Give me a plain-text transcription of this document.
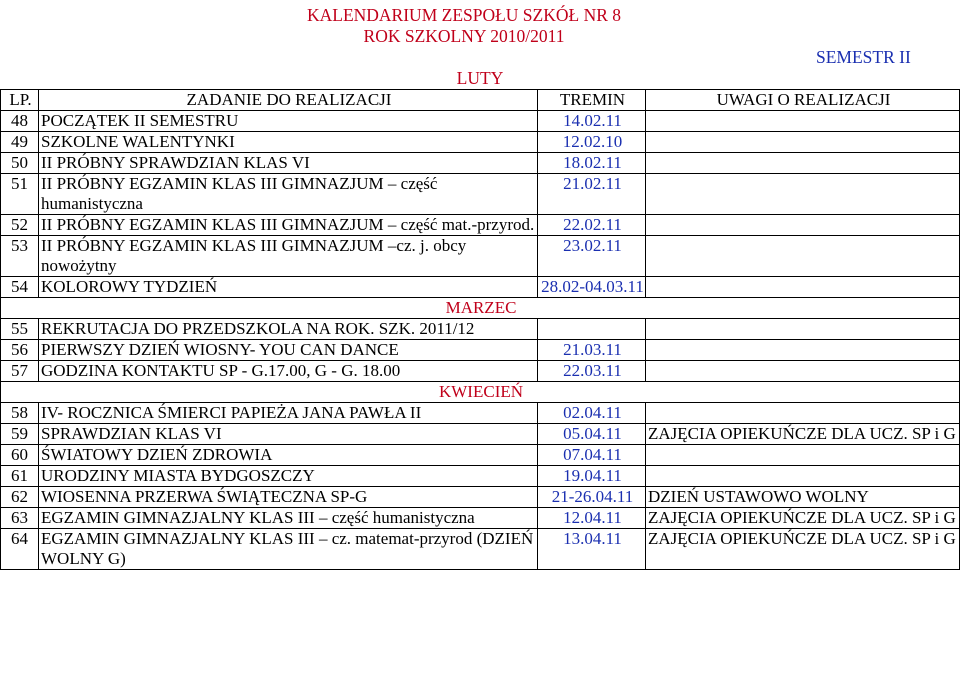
KALENDARIUM ZESPOŁU SZKÓŁ NR 8
ROK SZKOLNY 2010/2011
SEMESTR II
LUTY
LP.	ZADANIE DO REALIZACJI	TREMIN	UWAGI O REALIZACJI
48	POCZĄTEK II SEMESTRU	14.02.11	
49	SZKOLNE WALENTYNKI	12.02.10	
50	II PRÓBNY SPRAWDZIAN KLAS VI	18.02.11	
51	II PRÓBNY EGZAMIN KLAS III GIMNAZJUM – część humanistyczna	21.02.11	
52	II PRÓBNY EGZAMIN KLAS III GIMNAZJUM – część mat.-przyrod.	22.02.11	
53	II PRÓBNY EGZAMIN KLAS III GIMNAZJUM –cz. j. obcy nowożytny	23.02.11	
54	KOLOROWY TYDZIEŃ	28.02-04.03.11	
MARZEC			
55	REKRUTACJA DO PRZEDSZKOLA NA ROK. SZK. 2011/12		
56	PIERWSZY DZIEŃ WIOSNY- YOU CAN DANCE	21.03.11	
57	GODZINA KONTAKTU SP - G.17.00, G - G. 18.00	22.03.11	
KWIECIEŃ			
58	IV- ROCZNICA ŚMIERCI PAPIEŻA JANA PAWŁA II	02.04.11	
59	SPRAWDZIAN KLAS VI	05.04.11	ZAJĘCIA OPIEKUŃCZE DLA UCZ. SP i G
60	ŚWIATOWY DZIEŃ ZDROWIA	07.04.11	
61	URODZINY MIASTA BYDGOSZCZY	19.04.11	
62	WIOSENNA PRZERWA ŚWIĄTECZNA SP-G	21-26.04.11	DZIEŃ USTAWOWO WOLNY
63	EGZAMIN GIMNAZJALNY KLAS III – część humanistyczna	12.04.11	ZAJĘCIA OPIEKUŃCZE DLA UCZ. SP i G
64	EGZAMIN GIMNAZJALNY KLAS III – cz. matemat-przyrod (DZIEŃ WOLNY G)	13.04.11	ZAJĘCIA OPIEKUŃCZE DLA UCZ. SP i G
